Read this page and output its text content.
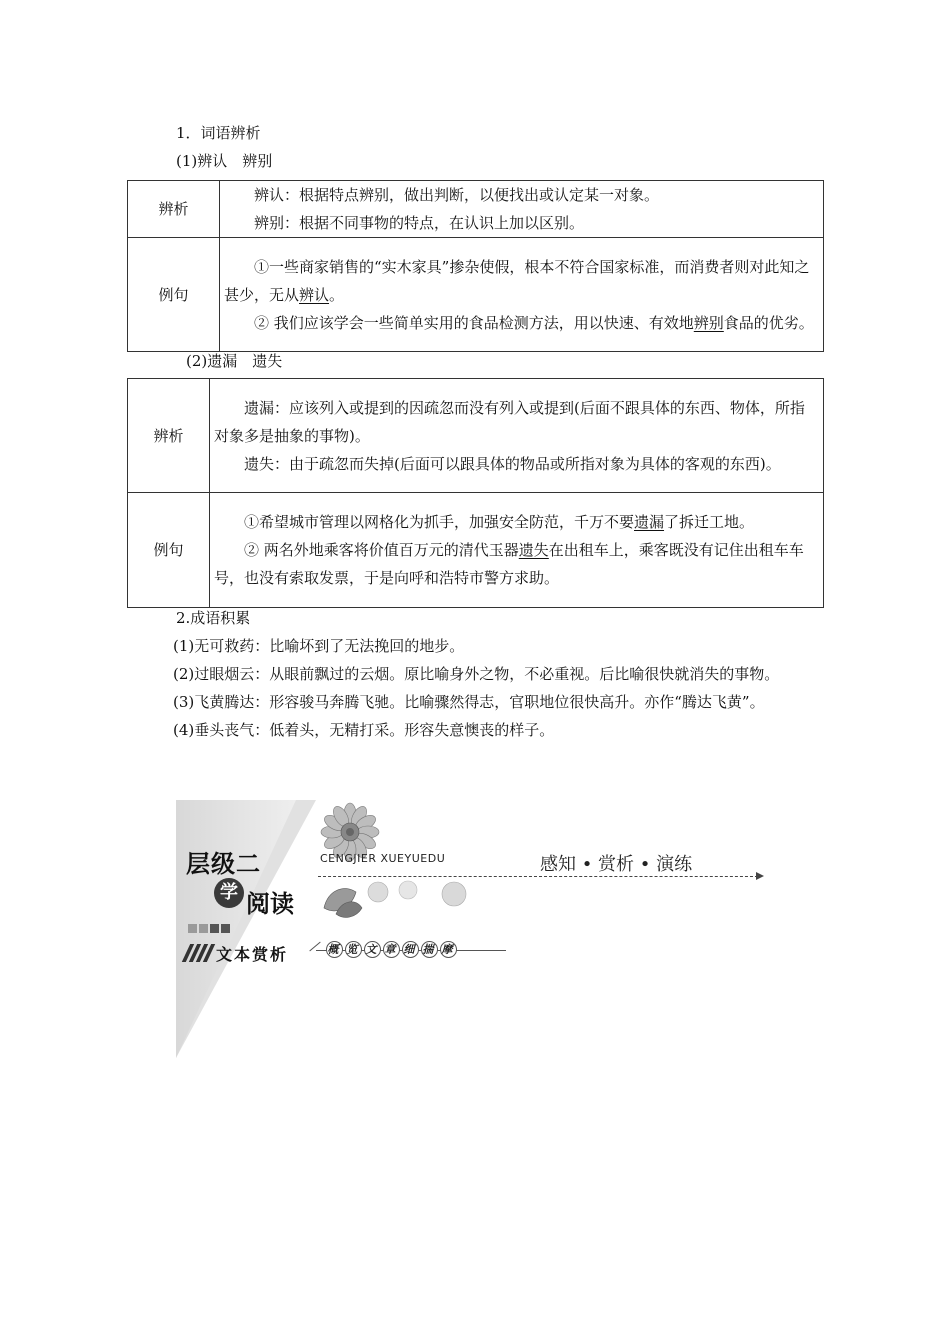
1．词语辨析
(1)辨认　辨别
辨析	辨认：根据特点辨别，做出判断，以便找出或认定某一对象。
辨别：根据不同事物的特点，在认识上加以区别。

例句	①一些商家销售的“实木家具”掺杂使假，根本不符合国家标准，而消费者则对此知之甚少，无从辨认。
② 我们应该学会一些简单实用的食品检测方法，用以快速、有效地辨别食品的优劣。
(2)遗漏　遗失
辨析	遗漏：应该列入或提到的因疏忽而没有列入或提到(后面不跟具体的东西、物体，所指对象多是抽象的事物)。
遗失：由于疏忽而失掉(后面可以跟具体的物品或所指对象为具体的客观的东西)。

例句	①希望城市管理以网格化为抓手，加强安全防范，千万不要遗漏了拆迁工地。
② 两名外地乘客将价值百万元的清代玉器遗失在出租车上，乘客既没有记住出租车车号，也没有索取发票，于是向呼和浩特市警方求助。
2.成语积累
(1)无可救药：比喻坏到了无法挽回的地步。
(2)过眼烟云：从眼前飘过的云烟。原比喻身外之物，不必重视。后比喻很快就消失的事物。
(3)飞黄腾达：形容骏马奔腾飞驰。比喻骤然得志，官职地位很快高升。亦作“腾达飞黄”。
(4)垂头丧气：低着头，无精打采。形容失意懊丧的样子。
层级二
学 阅读
CENGJIER XUEYUEDU	感知 • 赏析 • 演练
文本赏析	概 览 文 章 细 揣 摩
